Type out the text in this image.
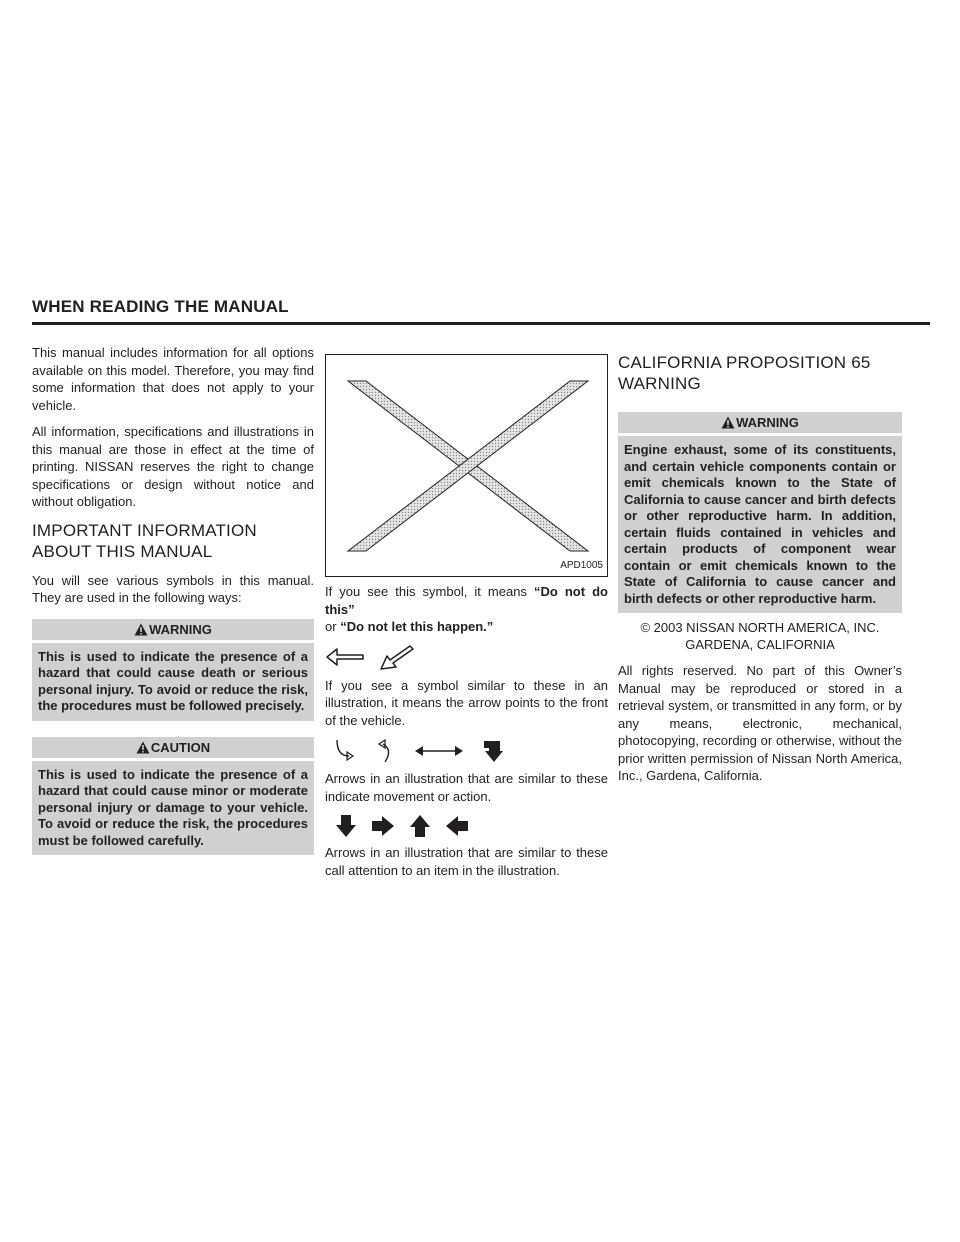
WHEN READING THE MANUAL

This manual includes information for all options available on this model. Therefore, you may find some information that does not apply to your vehicle.

All information, specifications and illustrations in this manual are those in effect at the time of printing. NISSAN reserves the right to change specifications or design without notice and without obligation.

IMPORTANT INFORMATION ABOUT THIS MANUAL

You will see various symbols in this manual. They are used in the following ways:

WARNING
This is used to indicate the presence of a hazard that could cause death or serious personal injury. To avoid or reduce the risk, the procedures must be followed precisely.
CAUTION
This is used to indicate the presence of a hazard that could cause minor or moderate personal injury or damage to your vehicle. To avoid or reduce the risk, the procedures must be followed carefully.
APD1005

If you see this symbol, it means “Do not do this”
or “Do not let this happen.”

If you see a symbol similar to these in an illustration, it means the arrow points to the front of the vehicle.

Arrows in an illustration that are similar to these indicate movement or action.

Arrows in an illustration that are similar to these call attention to an item in the illustration.

CALIFORNIA PROPOSITION 65 WARNING
WARNING
Engine exhaust, some of its constituents, and certain vehicle components contain or emit chemicals known to the State of California to cause cancer and birth defects or other reproductive harm. In addition, certain fluids contained in vehicles and certain products of component wear contain or emit chemicals known to the State of California to cause cancer and birth defects or other reproductive harm.
© 2003 NISSAN NORTH AMERICA, INC.
GARDENA, CALIFORNIA

All rights reserved. No part of this Owner’s Manual may be reproduced or stored in a retrieval system, or transmitted in any form, or by any means, electronic, mechanical, photocopying, recording or otherwise, without the prior written permission of Nissan North America, Inc., Gardena, California.
